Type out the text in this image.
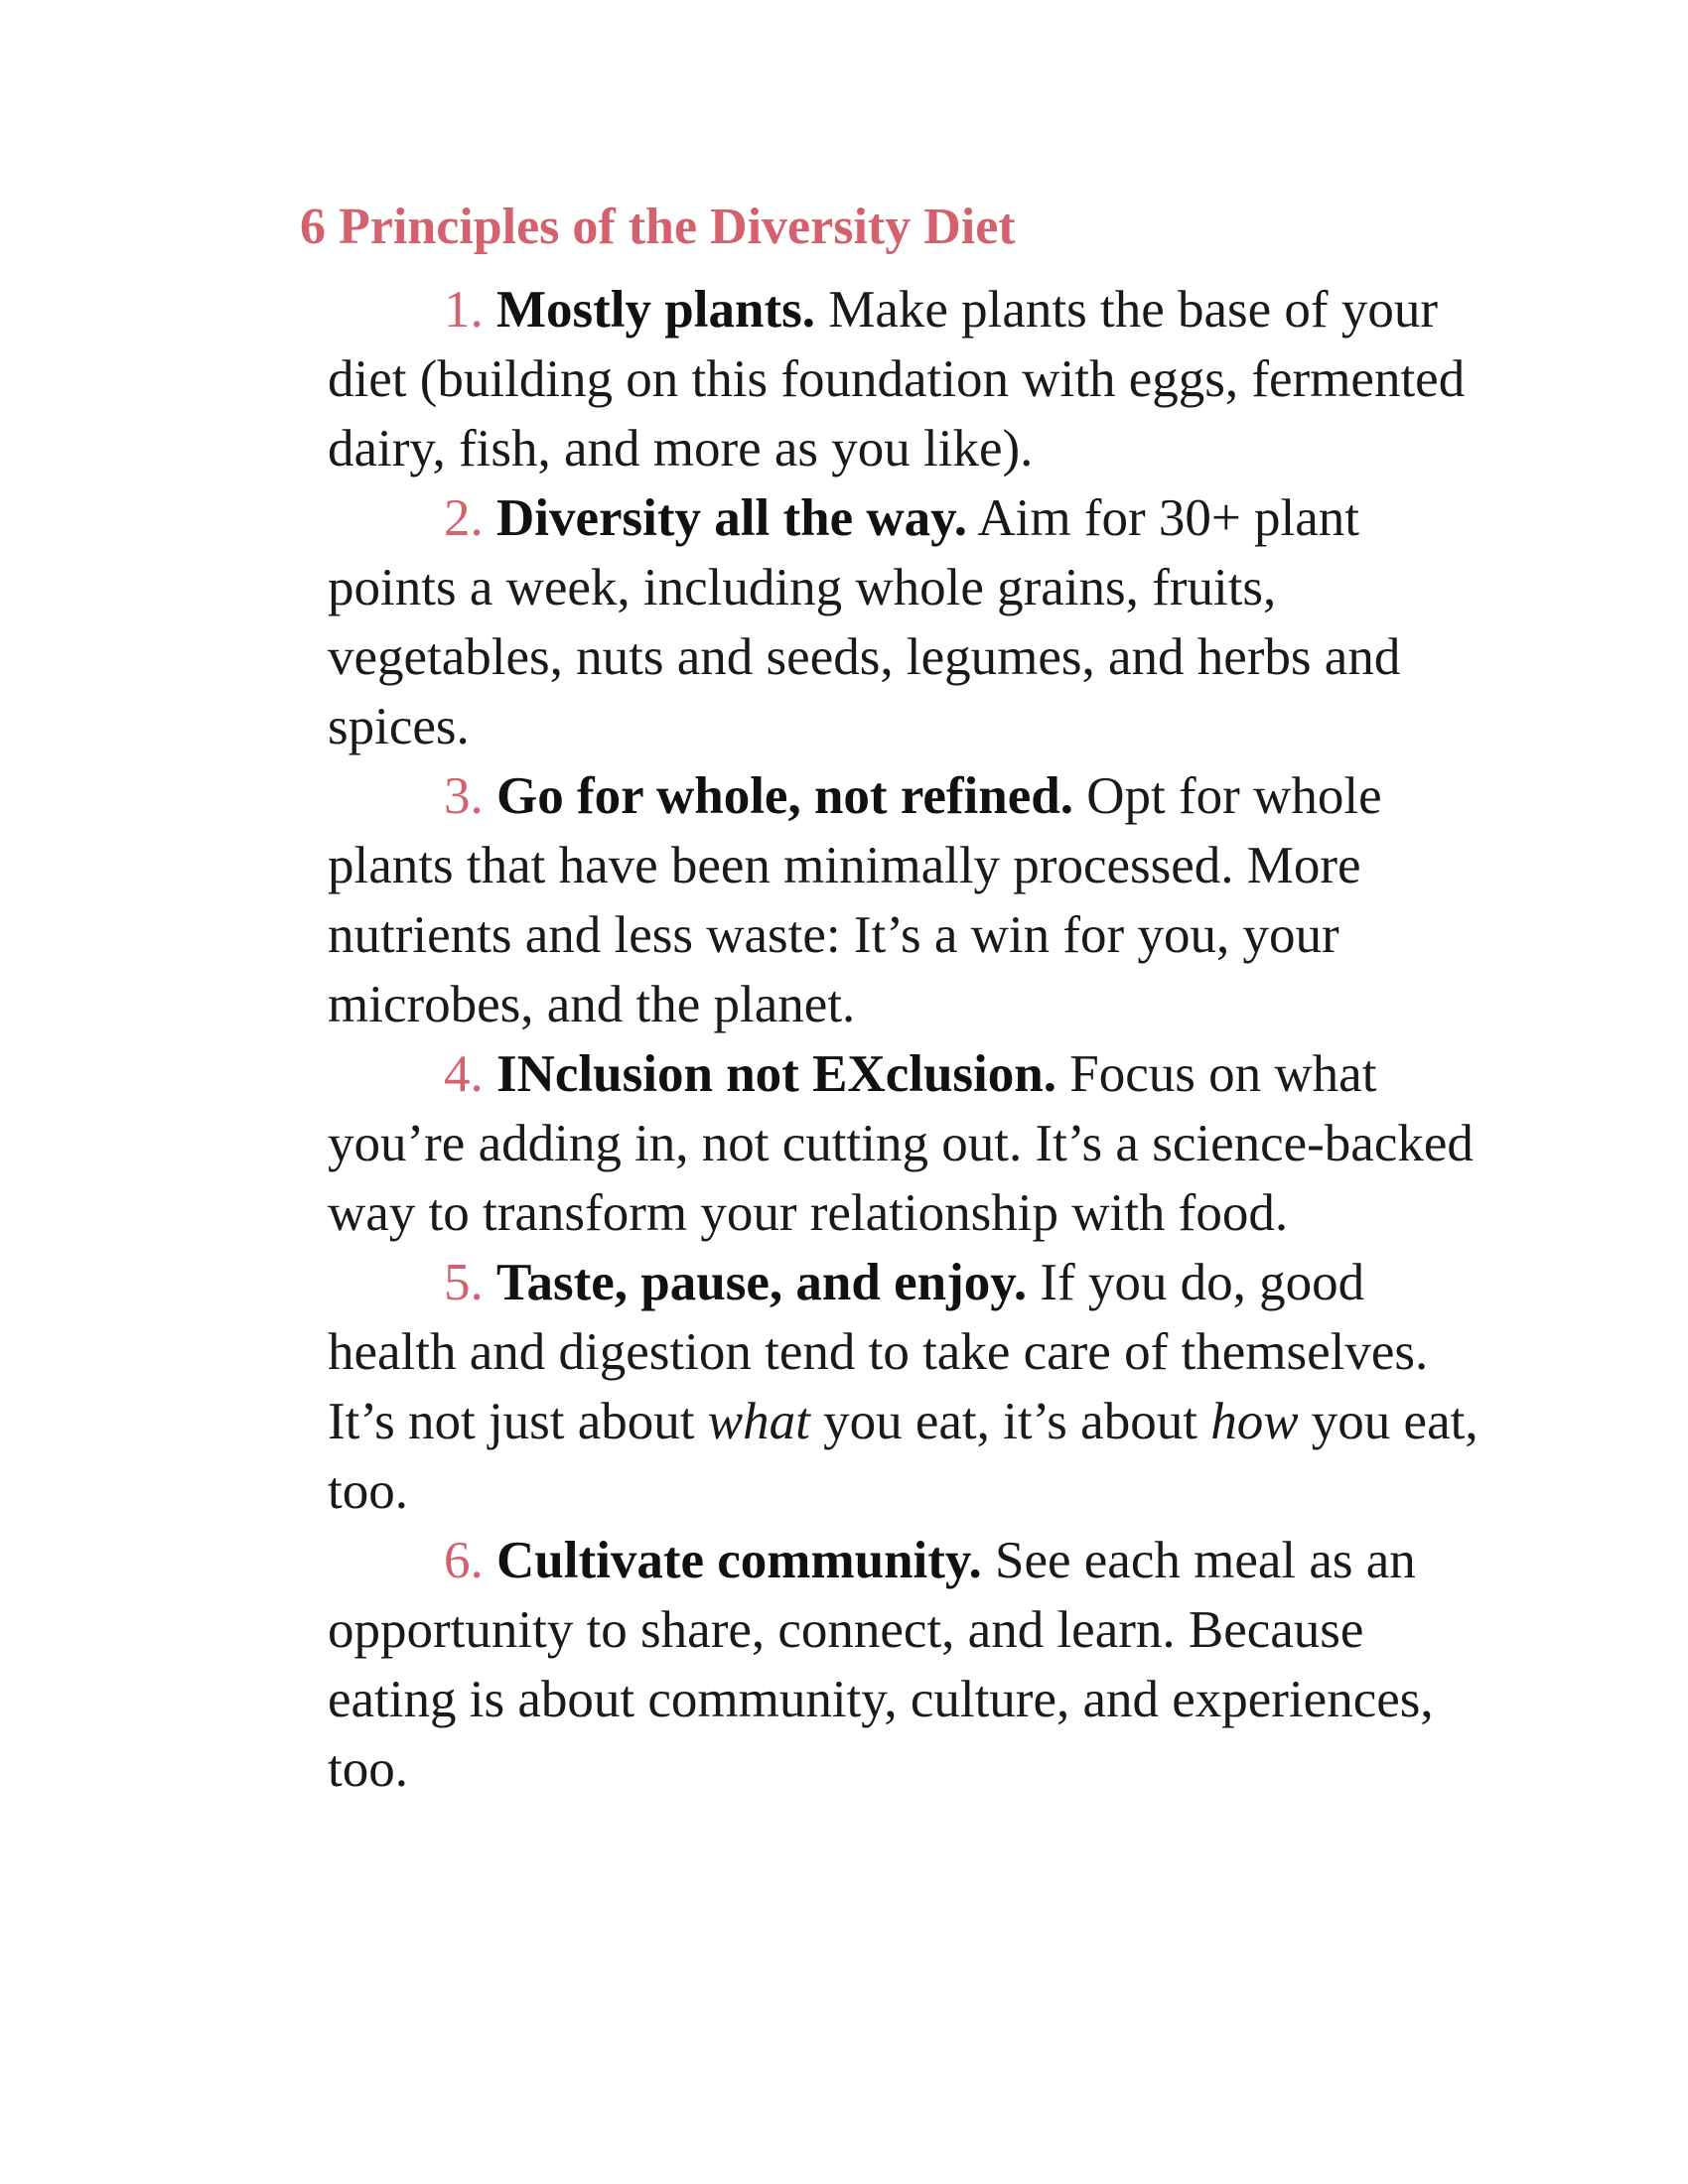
6 Principles of the Diversity Diet
1. Mostly plants. Make plants the base of your diet (building on this foundation with eggs, fermented dairy, fish, and more as you like).
2. Diversity all the way. Aim for 30+ plant points a week, including whole grains, fruits, vegetables, nuts and seeds, legumes, and herbs and spices.
3. Go for whole, not refined. Opt for whole plants that have been minimally processed. More nutrients and less waste: It’s a win for you, your microbes, and the planet.
4. INclusion not EXclusion. Focus on what you’re adding in, not cutting out. It’s a science-backed way to transform your relationship with food.
5. Taste, pause, and enjoy. If you do, good health and digestion tend to take care of themselves. It’s not just about what you eat, it’s about how you eat, too.
6. Cultivate community. See each meal as an opportunity to share, connect, and learn. Because eating is about community, culture, and experiences, too.
